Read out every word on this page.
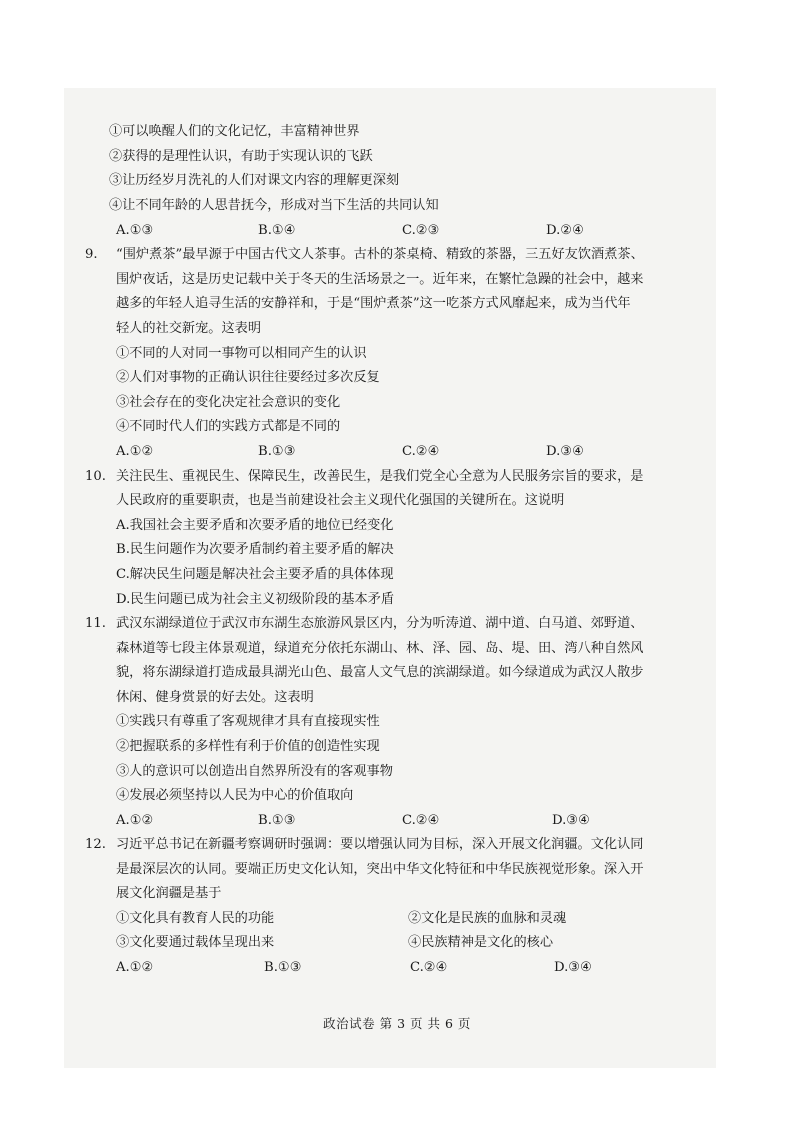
①可以唤醒人们的文化记忆，丰富精神世界
②获得的是理性认识，有助于实现认识的飞跃
③让历经岁月洗礼的人们对课文内容的理解更深刻
④让不同年龄的人思昔抚今，形成对当下生活的共同认知
A.①③	B.①④	C.②③	D.②④
9. “围炉煮茶”最早源于中国古代文人茶事。古朴的茶桌椅、精致的茶器，三五好友饮酒煮茶、
围炉夜话，这是历史记载中关于冬天的生活场景之一。近年来，在繁忙急躁的社会中，越来
越多的年轻人追寻生活的安静祥和，于是“围炉煮茶”这一吃茶方式风靡起来，成为当代年
轻人的社交新宠。这表明
①不同的人对同一事物可以相同产生的认识
②人们对事物的正确认识往往要经过多次反复
③社会存在的变化决定社会意识的变化
④不同时代人们的实践方式都是不同的
A.①②	B.①③	C.②④	D.③④
10. 关注民生、重视民生、保障民生，改善民生，是我们党全心全意为人民服务宗旨的要求，是
人民政府的重要职责，也是当前建设社会主义现代化强国的关键所在。这说明
A.我国社会主要矛盾和次要矛盾的地位已经变化
B.民生问题作为次要矛盾制约着主要矛盾的解决
C.解决民生问题是解决社会主要矛盾的具体体现
D.民生问题已成为社会主义初级阶段的基本矛盾
11. 武汉东湖绿道位于武汉市东湖生态旅游风景区内，分为听涛道、湖中道、白马道、郊野道、
森林道等七段主体景观道，绿道充分依托东湖山、林、泽、园、岛、堤、田、湾八种自然风
貌，将东湖绿道打造成最具湖光山色、最富人文气息的滨湖绿道。如今绿道成为武汉人散步
休闲、健身赏景的好去处。这表明
①实践只有尊重了客观规律才具有直接现实性
②把握联系的多样性有利于价值的创造性实现
③人的意识可以创造出自然界所没有的客观事物
④发展必须坚持以人民为中心的价值取向
A.①②	B.①③	C.②④	D.③④
12. 习近平总书记在新疆考察调研时强调：要以增强认同为目标，深入开展文化润疆。文化认同
是最深层次的认同。要端正历史文化认知，突出中华文化特征和中华民族视觉形象。深入开
展文化润疆是基于
①文化具有教育人民的功能	②文化是民族的血脉和灵魂
③文化要通过载体呈现出来	④民族精神是文化的核心
A.①②	B.①③	C.②④	D.③④
政治试卷 第 3 页 共 6 页
